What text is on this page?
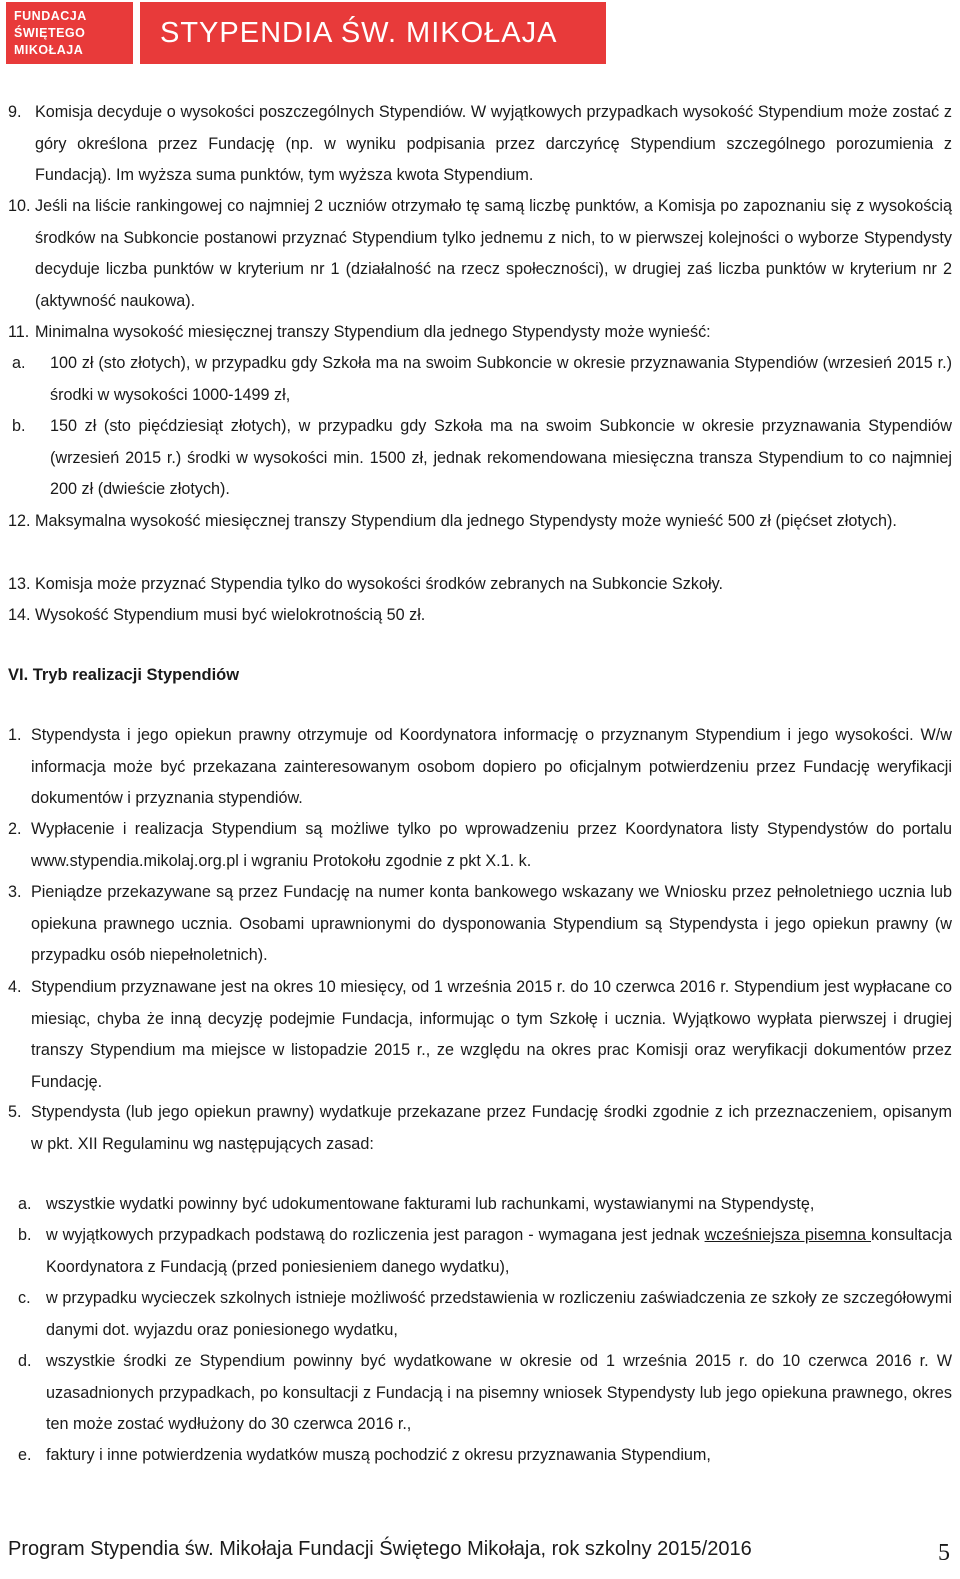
FUNDACJA
ŚWIĘTEGO
MIKOŁAJA
STYPENDIA ŚW. MIKOŁAJA
9. Komisja decyduje o wysokości poszczególnych Stypendiów. W wyjątkowych przypadkach wysokość Stypendium może zostać z góry określona przez Fundację (np. w wyniku podpisania przez darczyńcę Stypendium szczególnego porozumienia z Fundacją). Im wyższa suma punktów, tym wyższa kwota Stypendium.
10. Jeśli na liście rankingowej co najmniej 2 uczniów otrzymało tę samą liczbę punktów, a Komisja po zapoznaniu się z wysokością środków na Subkoncie postanowi przyznać Stypendium tylko jednemu z nich, to w pierwszej kolejności o wyborze Stypendysty decyduje liczba punktów w kryterium nr 1 (działalność na rzecz społeczności), w drugiej zaś liczba punktów w kryterium nr 2 (aktywność naukowa).
11. Minimalna wysokość miesięcznej transzy Stypendium dla jednego Stypendysty może wynieść:
a. 100 zł (sto złotych), w przypadku gdy Szkoła ma na swoim Subkoncie w okresie przyznawania Stypendiów (wrzesień 2015 r.) środki w wysokości 1000-1499 zł,
b. 150 zł (sto pięćdziesiąt złotych), w przypadku gdy Szkoła ma na swoim Subkoncie w okresie przyznawania Stypendiów (wrzesień 2015 r.) środki w wysokości min. 1500 zł, jednak rekomendowana miesięczna transza Stypendium to co najmniej 200 zł (dwieście złotych).
12. Maksymalna wysokość miesięcznej transzy Stypendium dla jednego Stypendysty może wynieść 500 zł (pięćset złotych).
13. Komisja może przyznać Stypendia tylko do wysokości środków zebranych na Subkoncie Szkoły.
14. Wysokość Stypendium musi być wielokrotnością 50 zł.
VI. Tryb realizacji Stypendiów
1. Stypendysta i jego opiekun prawny otrzymuje od Koordynatora informację o przyznanym Stypendium i jego wysokości. W/w informacja może być przekazana zainteresowanym osobom dopiero po oficjalnym potwierdzeniu przez Fundację weryfikacji dokumentów i przyznania stypendiów.
2. Wypłacenie i realizacja Stypendium są możliwe tylko po wprowadzeniu przez Koordynatora listy Stypendystów do portalu www.stypendia.mikolaj.org.pl i wgraniu Protokołu zgodnie z pkt X.1. k.
3. Pieniądze przekazywane są przez Fundację na numer konta bankowego wskazany we Wniosku przez pełnoletniego ucznia lub opiekuna prawnego ucznia. Osobami uprawnionymi do dysponowania Stypendium są Stypendysta i jego opiekun prawny (w przypadku osób niepełnoletnich).
4. Stypendium przyznawane jest na okres 10 miesięcy, od 1 września 2015 r. do 10 czerwca 2016 r. Stypendium jest wypłacane co miesiąc, chyba że inną decyzję podejmie Fundacja, informując o tym Szkołę i ucznia. Wyjątkowo wypłata pierwszej i drugiej transzy Stypendium ma miejsce w listopadzie 2015 r., ze względu na okres prac Komisji oraz weryfikacji dokumentów przez Fundację.
5. Stypendysta (lub jego opiekun prawny) wydatkuje przekazane przez Fundację środki zgodnie z ich przeznaczeniem, opisanym w pkt. XII Regulaminu wg następujących zasad:
a. wszystkie wydatki powinny być udokumentowane fakturami lub rachunkami, wystawianymi na Stypendystę,
b. w wyjątkowych przypadkach podstawą do rozliczenia jest paragon - wymagana jest jednak wcześniejsza pisemna konsultacja Koordynatora z Fundacją (przed poniesieniem danego wydatku),
c. w przypadku wycieczek szkolnych istnieje możliwość przedstawienia w rozliczeniu zaświadczenia ze szkoły ze szczegółowymi danymi dot. wyjazdu oraz poniesionego wydatku,
d. wszystkie środki ze Stypendium powinny być wydatkowane w okresie od 1 września 2015 r. do 10 czerwca 2016 r. W uzasadnionych przypadkach, po konsultacji z Fundacją i na pisemny wniosek Stypendysty lub jego opiekuna prawnego, okres ten może zostać wydłużony do 30 czerwca 2016 r.,
e. faktury i inne potwierdzenia wydatków muszą pochodzić z okresu przyznawania Stypendium,
Program Stypendia św. Mikołaja Fundacji Świętego Mikołaja, rok szkolny 2015/2016	5
